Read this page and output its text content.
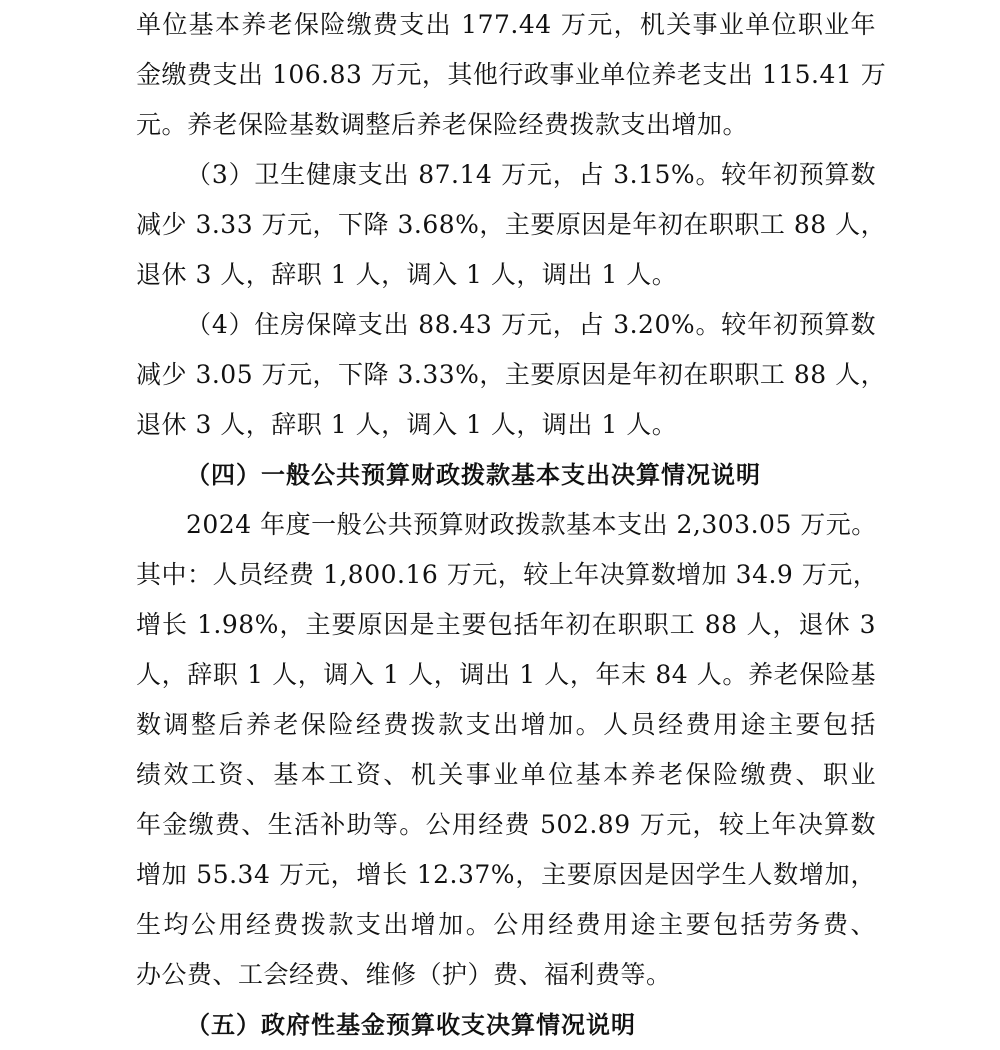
单位基本养老保险缴费支出 177.44 万元，机关事业单位职业年
金缴费支出 106.83 万元，其他行政事业单位养老支出 115.41 万
元。养老保险基数调整后养老保险经费拨款支出增加。
（3）卫生健康支出 87.14 万元，占 3.15%。较年初预算数
减少 3.33 万元，下降 3.68%，主要原因是年初在职职工 88 人，
退休 3 人，辞职 1 人，调入 1 人，调出 1 人。
（4）住房保障支出 88.43 万元，占 3.20%。较年初预算数
减少 3.05 万元，下降 3.33%，主要原因是年初在职职工 88 人，
退休 3 人，辞职 1 人，调入 1 人，调出 1 人。
（四）一般公共预算财政拨款基本支出决算情况说明
2024 年度一般公共预算财政拨款基本支出 2,303.05 万元。
其中：人员经费 1,800.16 万元，较上年决算数增加 34.9 万元，
增长 1.98%，主要原因是主要包括年初在职职工 88 人，退休 3
人，辞职 1 人，调入 1 人，调出 1 人，年末 84 人。养老保险基
数调整后养老保险经费拨款支出增加。人员经费用途主要包括
绩效工资、基本工资、机关事业单位基本养老保险缴费、职业
年金缴费、生活补助等。公用经费 502.89 万元，较上年决算数
增加 55.34 万元，增长 12.37%，主要原因是因学生人数增加，
生均公用经费拨款支出增加。公用经费用途主要包括劳务费、
办公费、工会经费、维修（护）费、福利费等。
（五）政府性基金预算收支决算情况说明
